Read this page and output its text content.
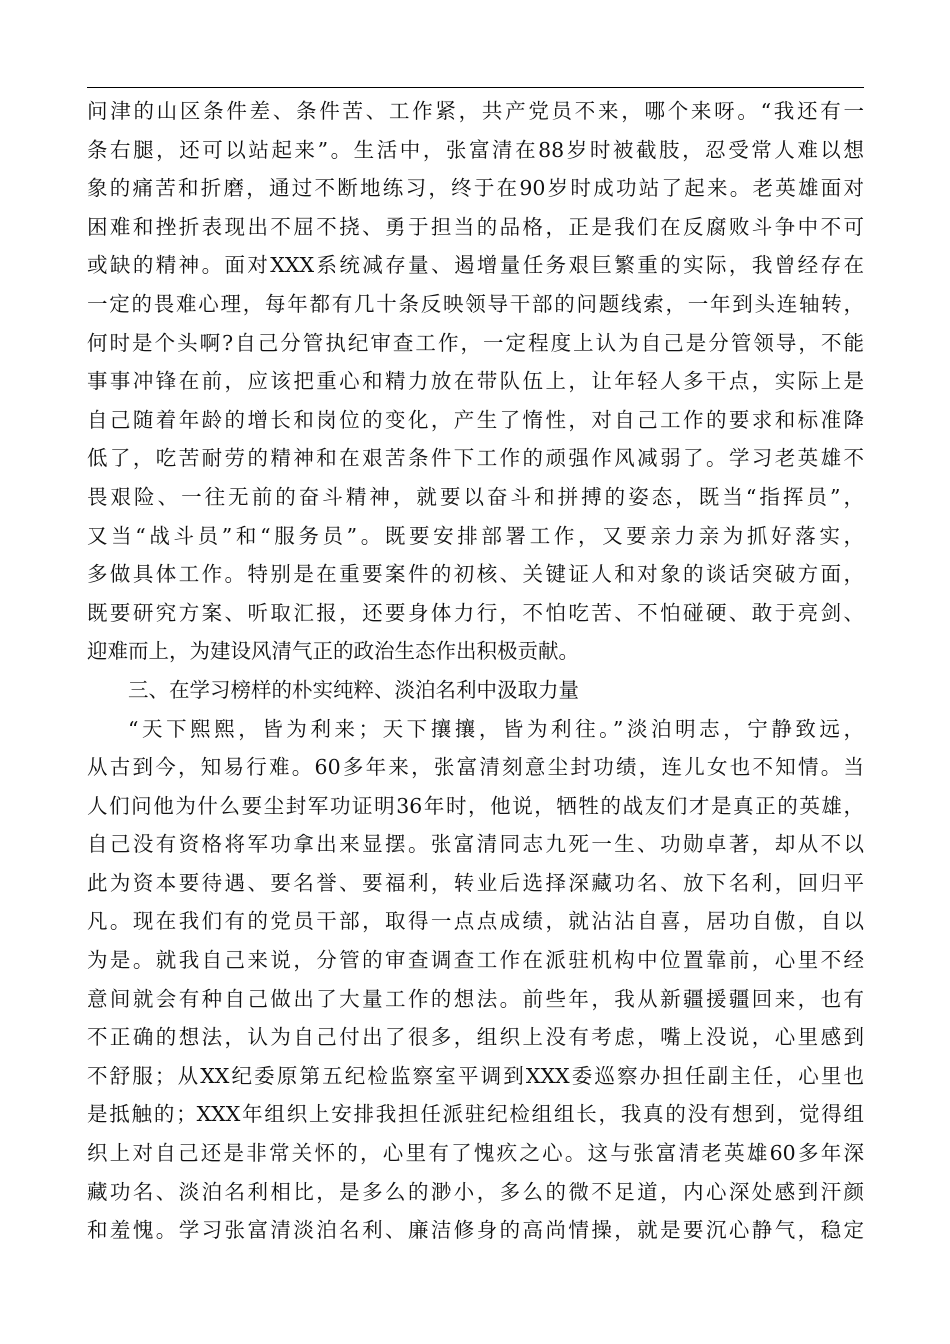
问津的山区条件差、条件苦、工作紧，共产党员不来，哪个来呀。“我还有一
条右腿，还可以站起来”。生活中，张富清在88岁时被截肢，忍受常人难以想
象的痛苦和折磨，通过不断地练习，终于在90岁时成功站了起来。老英雄面对
困难和挫折表现出不屈不挠、勇于担当的品格，正是我们在反腐败斗争中不可
或缺的精神。面对XXX系统减存量、遏增量任务艰巨繁重的实际，我曾经存在
一定的畏难心理，每年都有几十条反映领导干部的问题线索，一年到头连轴转，
何时是个头啊?自己分管执纪审查工作，一定程度上认为自己是分管领导，不能
事事冲锋在前，应该把重心和精力放在带队伍上，让年轻人多干点，实际上是
自己随着年龄的增长和岗位的变化，产生了惰性，对自己工作的要求和标准降
低了，吃苦耐劳的精神和在艰苦条件下工作的顽强作风减弱了。学习老英雄不
畏艰险、一往无前的奋斗精神，就要以奋斗和拼搏的姿态，既当“指挥员”，
又当“战斗员”和“服务员”。既要安排部署工作，又要亲力亲为抓好落实，
多做具体工作。特别是在重要案件的初核、关键证人和对象的谈话突破方面，
既要研究方案、听取汇报，还要身体力行，不怕吃苦、不怕碰硬、敢于亮剑、
迎难而上，为建设风清气正的政治生态作出积极贡献。
三、在学习榜样的朴实纯粹、淡泊名利中汲取力量
“天下熙熙，皆为利来；天下攘攘，皆为利往。”淡泊明志，宁静致远，
从古到今，知易行难。60多年来，张富清刻意尘封功绩，连儿女也不知情。当
人们问他为什么要尘封军功证明36年时，他说，牺牲的战友们才是真正的英雄，
自己没有资格将军功拿出来显摆。张富清同志九死一生、功勋卓著，却从不以
此为资本要待遇、要名誉、要福利，转业后选择深藏功名、放下名利，回归平
凡。现在我们有的党员干部，取得一点点成绩，就沾沾自喜，居功自傲，自以
为是。就我自己来说，分管的审查调查工作在派驻机构中位置靠前，心里不经
意间就会有种自己做出了大量工作的想法。前些年，我从新疆援疆回来，也有
不正确的想法，认为自己付出了很多，组织上没有考虑，嘴上没说，心里感到
不舒服；从XX纪委原第五纪检监察室平调到XXX委巡察办担任副主任，心里也
是抵触的；XXX年组织上安排我担任派驻纪检组组长，我真的没有想到，觉得组
织上对自己还是非常关怀的，心里有了愧疚之心。这与张富清老英雄60多年深
藏功名、淡泊名利相比，是多么的渺小，多么的微不足道，内心深处感到汗颜
和羞愧。学习张富清淡泊名利、廉洁修身的高尚情操，就是要沉心静气，稳定
